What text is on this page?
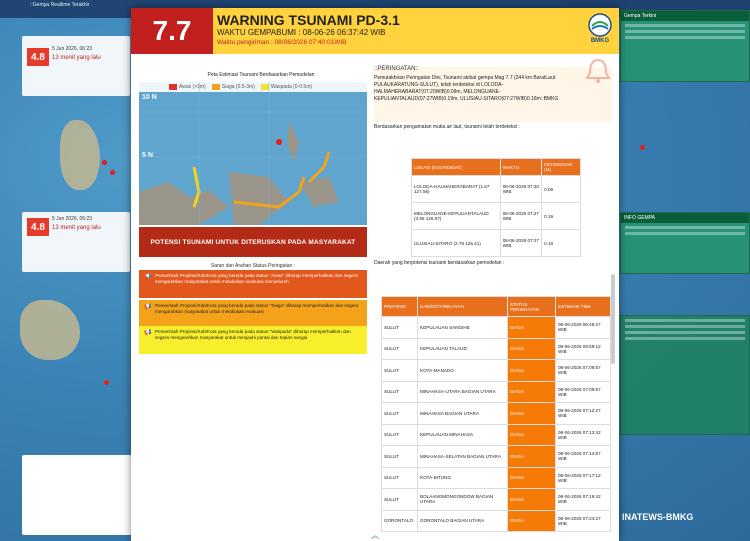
::Gempa Realtime Terakhir
4.8
5 Jun 2026, 06:23
13 menit yang lalu
4.8
5 Jun 2026, 06:23
13 menit yang lalu
Gempa Terkini
INFO GEMPA
INATEWS-BMKG
7.7	WARNING TSUNAMI PD-3.1
WAKTU GEMPABUMI : 08-06-26 06:37:42 WIB
Waktu pengiriman : 08/06/2026 07:40:01WIB	BMKG
Peta Estimasi Tsunami Berdasarkan Pemodelan
Awas (>3m)	Siaga (0.5-3m)	Waspada (0-0.5m)
10 N
5 N
POTENSI TSUNAMI UNTUK DITERUSKAN PADA MASYARAKAT
Saran dan Arahan Status Peringatan :
📢 Pemerintah Propinsi/Kab/Kota yang berada pada status "Awas" diharap memperhatikan dan segera mengarahkan masyarakat untuk melakukan evakuasi menyeluruh
📢 Pemerintah Propinsi/Kab/Kota yang berada pada status "Siaga" diharap memperhatikan dan segera mengarahkan masyarakat untuk melakukan evakuasi
📢 Pemerintah Propinsi/Kab/Kota yang berada pada status "Waspada" diharap memperhatikan dan segera mengarahkan masyarakat untuk menjauhi pantai dan tepian sungai
::PERINGATAN::
Pemutakhiran Peringatan Dini, Tsunami akibat gempa Mag 7.7 (244 km BaratLaut PULAUKARATUNG-SULUT), telah terdeteksi di LOLODA-HALMAHERABARAT(07:20WIB)0.09m, MELONGUANE-KEPULIANTALAUD(07:27WIB)0.19m, ULUSIAU-SITARO(07:27WIB)0.18m::BMKG
Berdasarkan pengamatan muka air laut, tsunami telah terdeteksi :
LOKASI (KOORDINAT)	WAKTU	KETINGGIAN (M)
LOLODA-HALMAHERABARAT (1.67 127.56)	08-06-2026 07:20 WIB	0.09
MELONGUANE-KEPULIANTALAUD (3.99 126.67)	08-06-2026 07:27 WIB	0.19
ULUSIAU-SITARO (2.79 125.41)	08-06-2026 07:27 WIB	0.18
Daerah yang berpotensi tsunami berdasarkan pemodelan :
PROVINSI	KAB/KOTA/WILAYAH	STATUS PERINGATAN	ESTIMASI TIBA
SULUT	KEPULAUAN SANGIHE	SIAGA	08-06-2026 06:49:27 WIB
SULUT	KEPULAUAN TALAUD	SIAGA	08-06-2026 06:59:12 WIB
SULUT	KOTA-MANADO	SIAGA	08-06-2026 07:09:57 WIB
SULUT	MINAHASA-UTARA BAGIAN UTARA	SIAGA	08-06-2026 07:09:57 WIB
SULUT	MINAHASA BAGIAN UTARA	SIAGA	08-06-2026 07:12:27 WIB
SULUT	KEPULAUAN MINAHASA	SIAGA	08-06-2026 07:13:42 WIB
SULUT	MINAHASA-SELATAN BAGIAN UTARA	SIAGA	08-06-2026 07:14:57 WIB
SULUT	KOTA-BITUNG	SIAGA	08-06-2026 07:17:12 WIB
SULUT	BOLAANGMONGONDOW BAGIAN UTARA	SIAGA	08-06-2026 07:19:42 WIB
GORONTALO	GORONTALO BAGIAN UTARA	SIAGA	08-06-2026 07:24:27 WIB
︽
